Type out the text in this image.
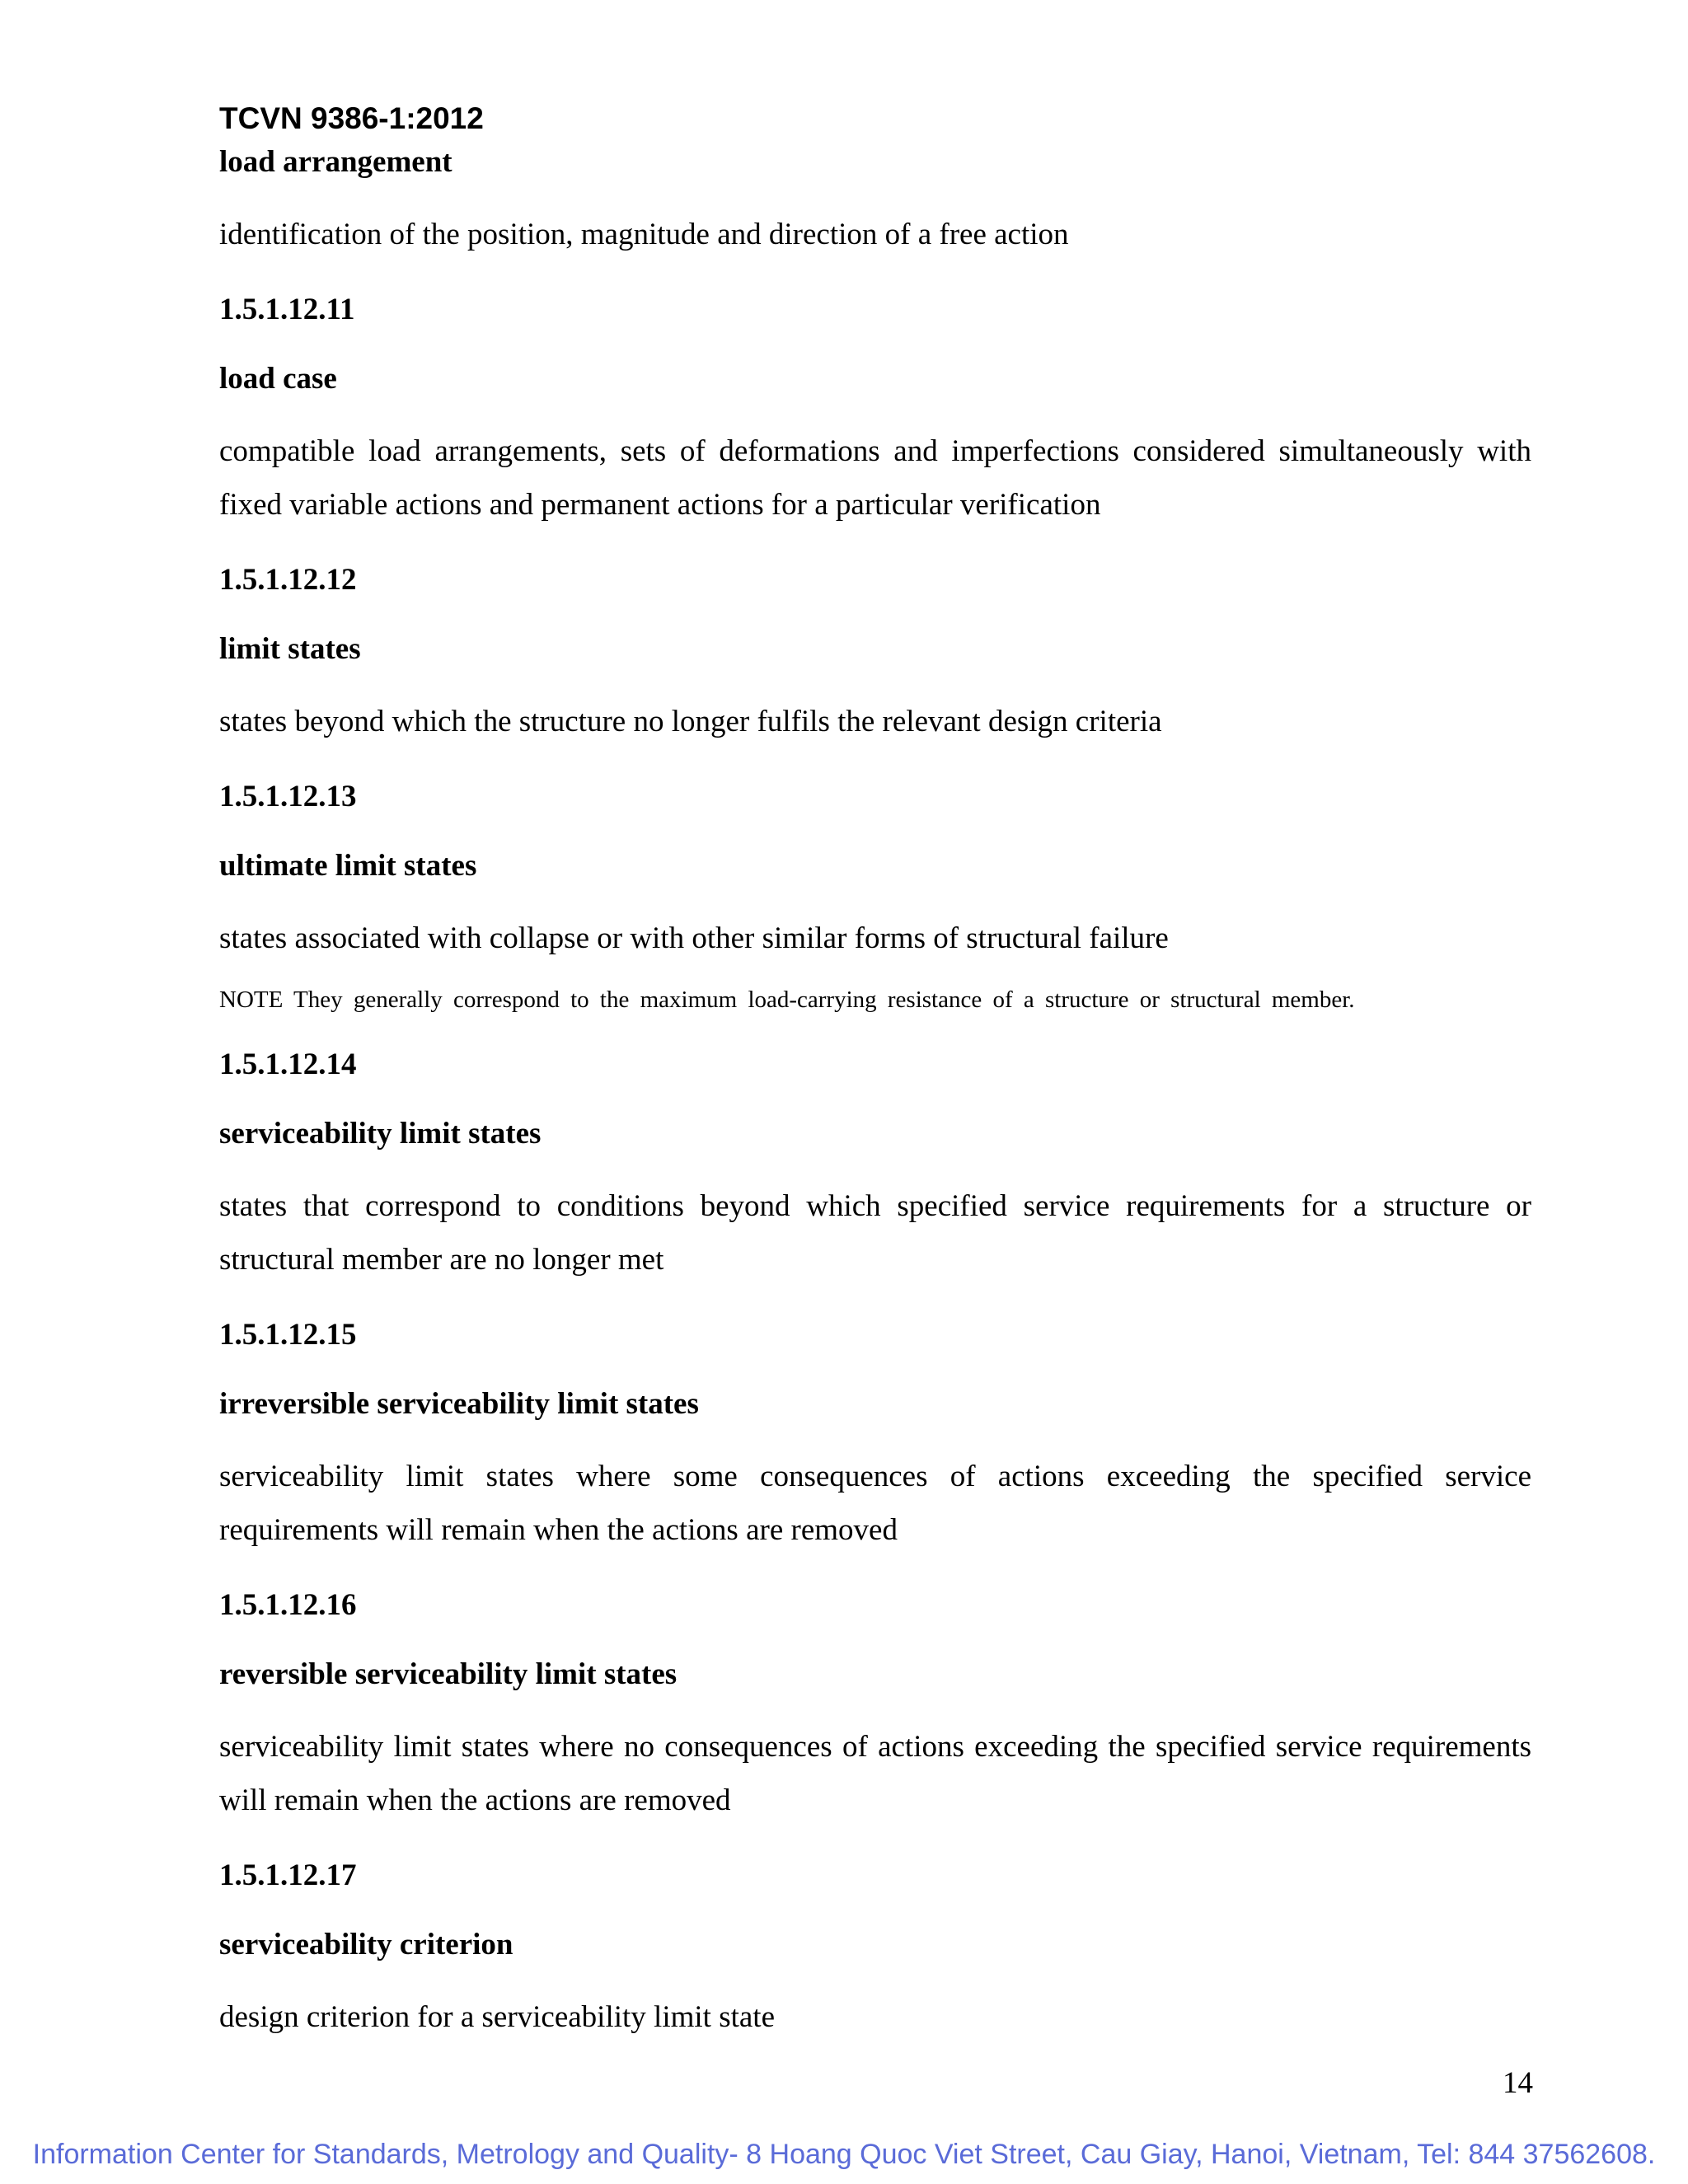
TCVN 9386-1:2012

load arrangement

identification of the position, magnitude and direction of a free action

1.5.1.12.11

load case

compatible load arrangements, sets of deformations and imperfections considered simultaneously with fixed variable actions and permanent actions for a particular verification

1.5.1.12.12

limit states

states beyond which the structure no longer fulfils the relevant design criteria

1.5.1.12.13

ultimate limit states

states associated with collapse or with other similar forms of structural failure

NOTE They generally correspond to the maximum load-carrying resistance of a structure or structural member.

1.5.1.12.14

serviceability limit states

states that correspond to conditions beyond which specified service requirements for a structure or structural member are no longer met

1.5.1.12.15

irreversible serviceability limit states

serviceability limit states where some consequences of actions exceeding the specified service requirements will remain when the actions are removed

1.5.1.12.16

reversible serviceability limit states

serviceability limit states where no consequences of actions exceeding the specified service requirements will remain when the actions are removed

1.5.1.12.17

serviceability criterion

design criterion for a serviceability limit state

14
Information Center for Standards, Metrology and Quality- 8 Hoang Quoc Viet Street, Cau Giay, Hanoi, Vietnam, Tel: 844 37562608.
